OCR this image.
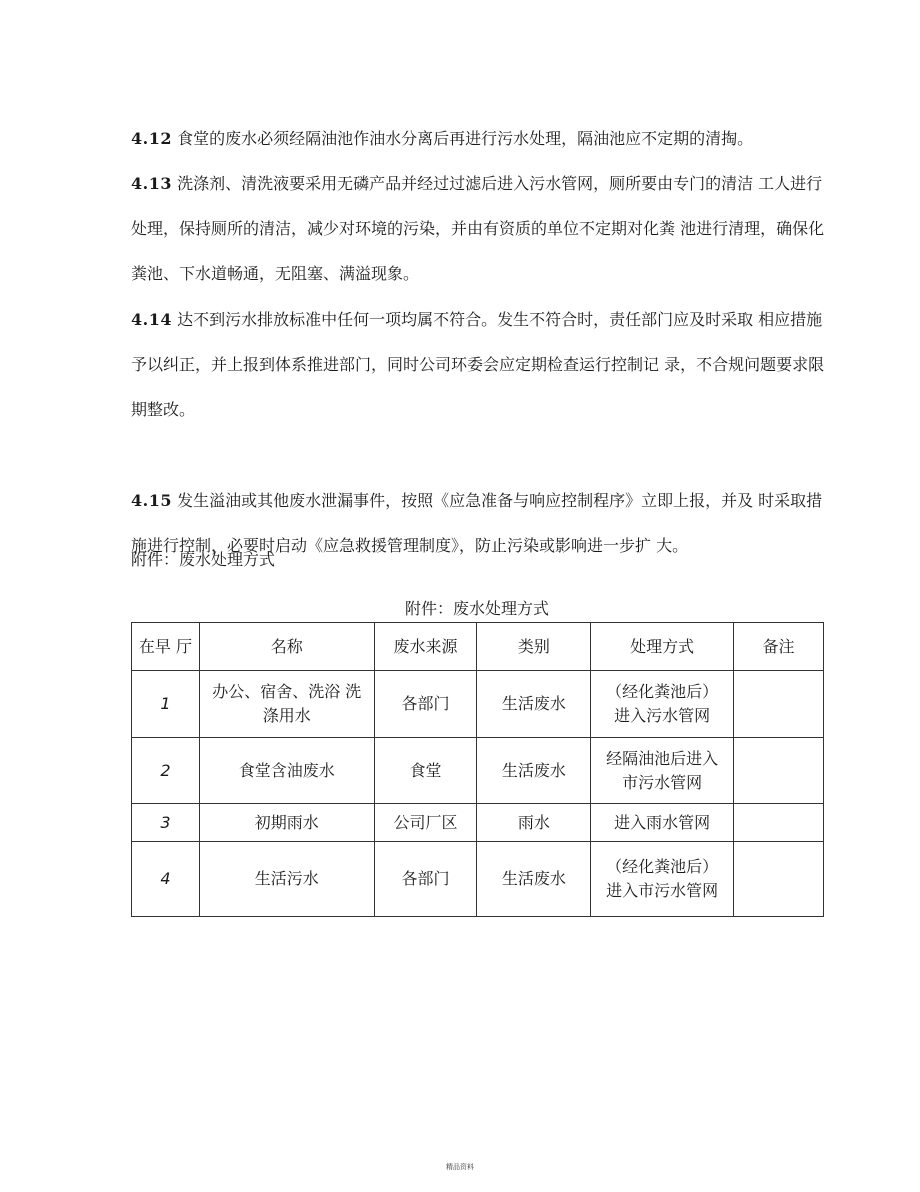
4.12 食堂的废水必须经隔油池作油水分离后再进行污水处理，隔油池应不定期的清掏。

4.13 洗涤剂、清洗液要采用无磷产品并经过过滤后进入污水管网，厕所要由专门的清洁 工人进行处理，保持厕所的清洁，减少对环境的污染，并由有资质的单位不定期对化粪 池进行清理，确保化粪池、下水道畅通，无阻塞、满溢现象。

4.14 达不到污水排放标准中任何一项均属不符合。发生不符合时，责任部门应及时采取 相应措施予以纠正，并上报到体系推进部门，同时公司环委会应定期检查运行控制记 录，不合规问题要求限期整改。

4.15 发生溢油或其他废水泄漏事件，按照《应急准备与响应控制程序》立即上报，并及 时采取措施进行控制，必要时启动《应急救援管理制度》，防止污染或影响进一步扩 大。

附件：废水处理方式

附件：废水处理方式
在早 厅	名称	废水来源	类别	处理方式	备注
1	办公、宿舍、洗浴 洗涤用水	各部门	生活废水	（经化粪池后） 进入污水管网	
2	食堂含油废水	食堂	生活废水	经隔油池后进入 市污水管网	
3	初期雨水	公司厂区	雨水	进入雨水管网	
4	生活污水	各部门	生活废水	（经化粪池后） 进入市污水管网	
精品资料
